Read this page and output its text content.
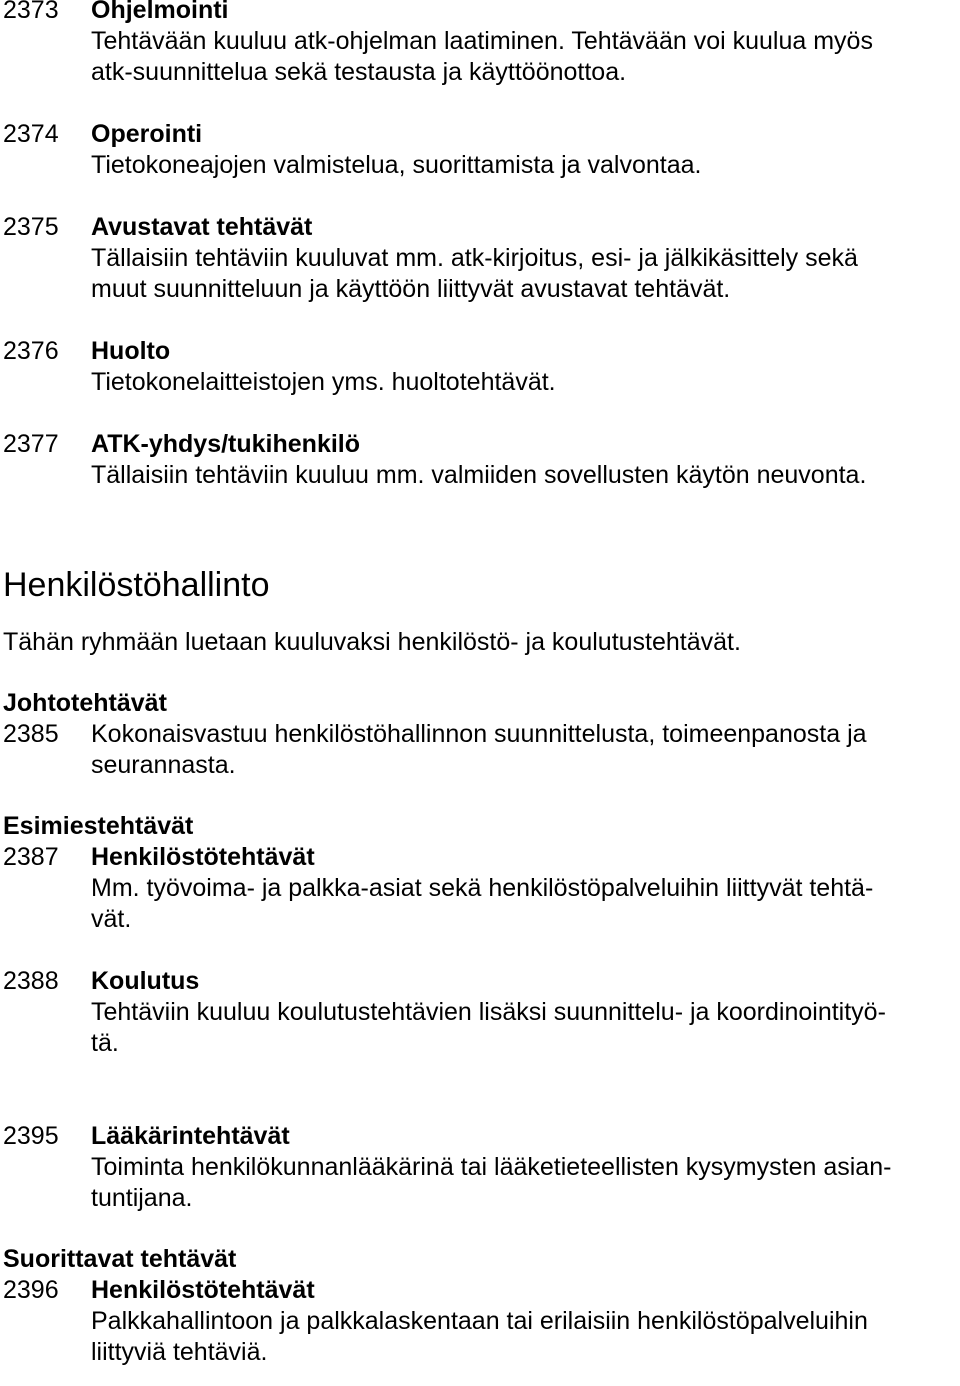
2373	Ohjelmointi
Tehtävään kuuluu atk-ohjelman laatiminen. Tehtävään voi kuulua myös
atk-suunnittelua sekä testausta ja käyttöönottoa.
2374	Operointi
Tietokoneajojen valmistelua, suorittamista ja valvontaa.
2375	Avustavat tehtävät
Tällaisiin tehtäviin kuuluvat mm. atk-kirjoitus, esi- ja jälkikäsittely sekä
muut suunnitteluun ja käyttöön liittyvät avustavat tehtävät.
2376	Huolto
Tietokonelaitteistojen yms. huoltotehtävät.
2377	ATK-yhdys/tukihenkilö
Tällaisiin tehtäviin kuuluu mm. valmiiden sovellusten käytön neuvonta.
Henkilöstöhallinto
Tähän ryhmään luetaan kuuluvaksi henkilöstö- ja koulutustehtävät.
Johtotehtävät
2385	Kokonaisvastuu henkilöstöhallinnon suunnittelusta, toimeenpanosta ja
seurannasta.
Esimiestehtävät
2387	Henkilöstötehtävät
Mm. työvoima- ja palkka-asiat sekä henkilöstöpalveluihin liittyvät tehtä-
vät.
2388	Koulutus
Tehtäviin kuuluu koulutustehtävien lisäksi suunnittelu- ja koordinointityö-
tä.
2395	Lääkärintehtävät
Toiminta henkilökunnanlääkärinä tai lääketieteellisten kysymysten asian-
tuntijana.
Suorittavat tehtävät
2396	Henkilöstötehtävät
Palkkahallintoon ja palkkalaskentaan tai erilaisiin henkilöstöpalveluihin
liittyviä tehtäviä.
